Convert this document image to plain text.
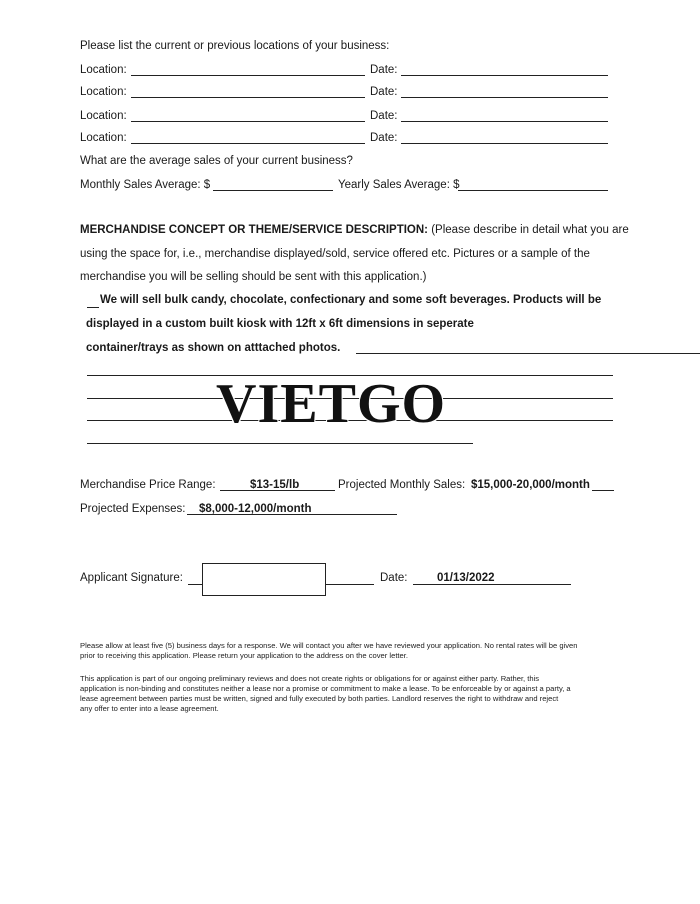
Please list the current or previous locations of your business:
Location:	Date:
Location:	Date:
Location:	Date:
Location:	Date:
What are the average sales of your current business?
Monthly Sales Average: $	Yearly Sales Average: $
MERCHANDISE CONCEPT OR THEME/SERVICE DESCRIPTION: (Please describe in detail what you are
using the space for, i.e., merchandise displayed/sold, service offered etc. Pictures or a sample of the
merchandise you will be selling should be sent with this application.)
We will sell bulk candy, chocolate, confectionary and some soft beverages. Products will be
displayed in a custom built kiosk with 12ft x 6ft dimensions in seperate
container/trays as shown on atttached photos.
VIETGO
Merchandise Price Range:	$13-15/lb	Projected Monthly Sales: $15,000-20,000/month
Projected Expenses: $8,000-12,000/month
Applicant Signature:	Date:	01/13/2022
Please allow at least five (5) business days for a response. We will contact you after we have reviewed your application. No rental rates will be given
prior to receiving this application. Please return your application to the address on the cover letter.
This application is part of our ongoing preliminary reviews and does not create rights or obligations for or against either party. Rather, this
application is non-binding and constitutes neither a lease nor a promise or commitment to make a lease. To be enforceable by or against a party, a
lease agreement between parties must be written, signed and fully executed by both parties. Landlord reserves the right to withdraw and reject
any offer to enter into a lease agreement.
